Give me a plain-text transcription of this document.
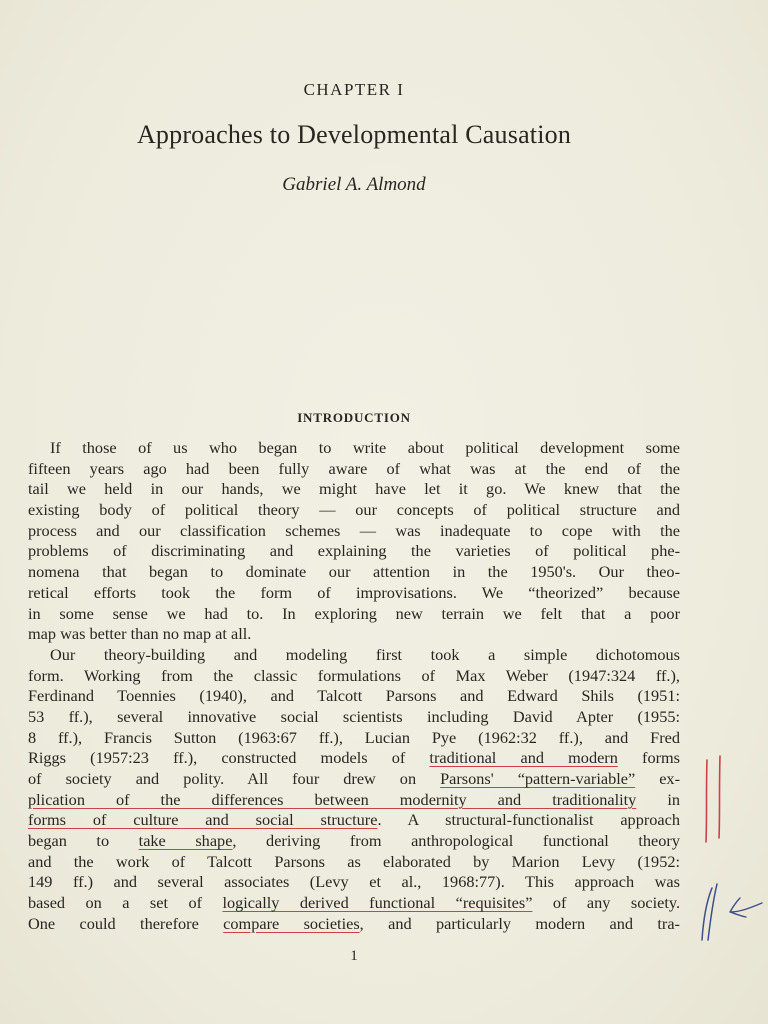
CHAPTER I
Approaches to Developmental Causation
Gabriel A. Almond
INTRODUCTION
If those of us who began to write about political development some
fifteen years ago had been fully aware of what was at the end of the
tail we held in our hands, we might have let it go. We knew that the
existing body of political theory — our concepts of political structure and
process and our classification schemes — was inadequate to cope with the
problems of discriminating and explaining the varieties of political phe-
nomena that began to dominate our attention in the 1950's. Our theo-
retical efforts took the form of improvisations. We “theorized” because
in some sense we had to. In exploring new terrain we felt that a poor
map was better than no map at all.
Our theory-building and modeling first took a simple dichotomous
form. Working from the classic formulations of Max Weber (1947:324 ff.),
Ferdinand Toennies (1940), and Talcott Parsons and Edward Shils (1951:
53 ff.), several innovative social scientists including David Apter (1955:
8 ff.), Francis Sutton (1963:67 ff.), Lucian Pye (1962:32 ff.), and Fred
Riggs (1957:23 ff.), constructed models of traditional and modern forms
of society and polity. All four drew on Parsons' “pattern-variable” ex-
plication of the differences between modernity and traditionality in
forms of culture and social structure. A structural-functionalist approach
began to take shape, deriving from anthropological functional theory
and the work of Talcott Parsons as elaborated by Marion Levy (1952:
149 ff.) and several associates (Levy et al., 1968:77). This approach was
based on a set of logically derived functional “requisites” of any society.
One could therefore compare societies, and particularly modern and tra-
1
